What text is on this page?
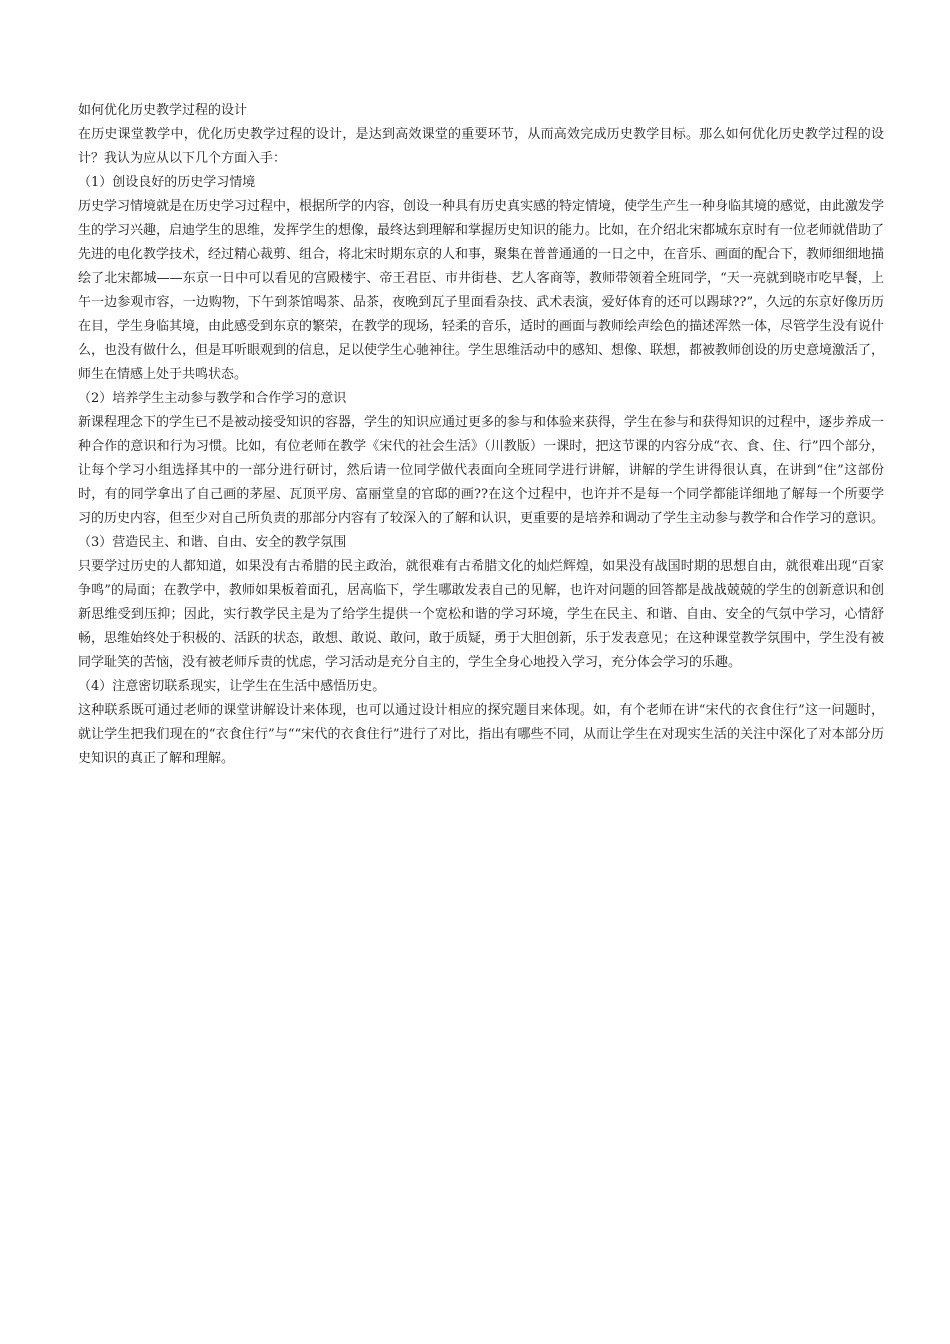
如何优化历史教学过程的设计

在历史课堂教学中，优化历史教学过程的设计，是达到高效课堂的重要环节，从而高效完成历史教学目标。那么如何优化历史教学过程的设计？我认为应从以下几个方面入手：

（1）创设良好的历史学习情境

历史学习情境就是在历史学习过程中，根据所学的内容，创设一种具有历史真实感的特定情境，使学生产生一种身临其境的感觉，由此激发学生的学习兴趣，启迪学生的思维，发挥学生的想像，最终达到理解和掌握历史知识的能力。比如，在介绍北宋都城东京时有一位老师就借助了先进的电化教学技术，经过精心裁剪、组合，将北宋时期东京的人和事，聚集在普普通通的一日之中，在音乐、画面的配合下，教师细细地描绘了北宋都城——东京一日中可以看见的宫殿楼宇、帝王君臣、市井街巷、艺人客商等，教师带领着全班同学，“天一亮就到晓市吃早餐，上午一边参观市容，一边购物，下午到茶馆喝茶、品茶，夜晚到瓦子里面看杂技、武术表演，爱好体育的还可以踢球??”，久远的东京好像历历在目，学生身临其境，由此感受到东京的繁荣，在教学的现场，轻柔的音乐，适时的画面与教师绘声绘色的描述浑然一体，尽管学生没有说什么，也没有做什么，但是耳听眼观到的信息，足以使学生心驰神往。学生思维活动中的感知、想像、联想，都被教师创设的历史意境激活了，师生在情感上处于共鸣状态。

（2）培养学生主动参与教学和合作学习的意识

新课程理念下的学生已不是被动接受知识的容器，学生的知识应通过更多的参与和体验来获得，学生在参与和获得知识的过程中，逐步养成一种合作的意识和行为习惯。比如，有位老师在教学《宋代的社会生活》（川教版）一课时，把这节课的内容分成“衣、食、住、行”四个部分，让每个学习小组选择其中的一部分进行研讨，然后请一位同学做代表面向全班同学进行讲解，讲解的学生讲得很认真，在讲到“住”这部份时，有的同学拿出了自己画的茅屋、瓦顶平房、富丽堂皇的官邸的画??在这个过程中，也许并不是每一个同学都能详细地了解每一个所要学习的历史内容，但至少对自己所负责的那部分内容有了较深入的了解和认识，更重要的是培养和调动了学生主动参与教学和合作学习的意识。

（3）营造民主、和谐、自由、安全的教学氛围

只要学过历史的人都知道，如果没有古希腊的民主政治，就很难有古希腊文化的灿烂辉煌，如果没有战国时期的思想自由，就很难出现“百家争鸣”的局面；在教学中，教师如果板着面孔，居高临下，学生哪敢发表自己的见解，也许对问题的回答都是战战兢兢的学生的创新意识和创新思维受到压抑；因此，实行教学民主是为了给学生提供一个宽松和谐的学习环境，学生在民主、和谐、自由、安全的气氛中学习，心情舒畅，思维始终处于积极的、活跃的状态，敢想、敢说、敢问，敢于质疑，勇于大胆创新，乐于发表意见；在这种课堂教学氛围中，学生没有被同学耻笑的苦恼，没有被老师斥责的忧虑，学习活动是充分自主的，学生全身心地投入学习，充分体会学习的乐趣。

（4）注意密切联系现实，让学生在生活中感悟历史。

这种联系既可通过老师的课堂讲解设计来体现，也可以通过设计相应的探究题目来体现。如，有个老师在讲“宋代的衣食住行”这一问题时，就让学生把我们现在的“衣食住行”与““宋代的衣食住行”进行了对比，指出有哪些不同，从而让学生在对现实生活的关注中深化了对本部分历史知识的真正了解和理解。
